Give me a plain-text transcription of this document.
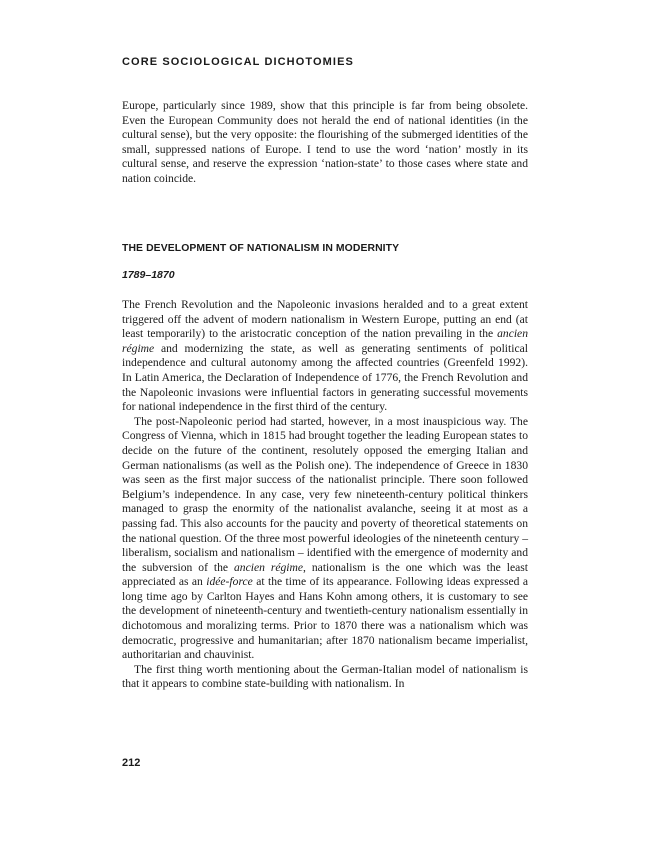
CORE SOCIOLOGICAL DICHOTOMIES

Europe, particularly since 1989, show that this principle is far from being obsolete. Even the European Community does not herald the end of national identities (in the cultural sense), but the very opposite: the flourishing of the submerged identities of the small, suppressed nations of Europe. I tend to use the word ‘nation’ mostly in its cultural sense, and reserve the expression ‘nation-state’ to those cases where state and nation coincide.

THE DEVELOPMENT OF NATIONALISM IN MODERNITY
1789–1870

The French Revolution and the Napoleonic invasions heralded and to a great extent triggered off the advent of modern nationalism in Western Europe, putting an end (at least temporarily) to the aristocratic conception of the nation prevailing in the ancien régime and modernizing the state, as well as generating sentiments of political independence and cultural autonomy among the affected countries (Greenfeld 1992). In Latin America, the Declaration of Independence of 1776, the French Revolution and the Napoleonic invasions were influential factors in generating successful movements for national independence in the first third of the century.

The post-Napoleonic period had started, however, in a most inauspicious way. The Congress of Vienna, which in 1815 had brought together the leading European states to decide on the future of the continent, resolutely opposed the emerging Italian and German nationalisms (as well as the Polish one). The independence of Greece in 1830 was seen as the first major success of the nationalist principle. There soon followed Belgium’s independence. In any case, very few nineteenth-century political thinkers managed to grasp the enormity of the nationalist avalanche, seeing it at most as a passing fad. This also accounts for the paucity and poverty of theoretical statements on the national question. Of the three most powerful ideologies of the nineteenth century – liberalism, socialism and nationalism – identified with the emergence of modernity and the subversion of the ancien régime, nationalism is the one which was the least appreciated as an idée-force at the time of its appearance. Following ideas expressed a long time ago by Carlton Hayes and Hans Kohn among others, it is customary to see the development of nineteenth-century and twentieth-century nationalism essentially in dichotomous and moralizing terms. Prior to 1870 there was a nationalism which was democratic, progressive and humanitarian; after 1870 nationalism became imperialist, authoritarian and chauvinist.

The first thing worth mentioning about the German-Italian model of nationalism is that it appears to combine state-building with nationalism. In

212
